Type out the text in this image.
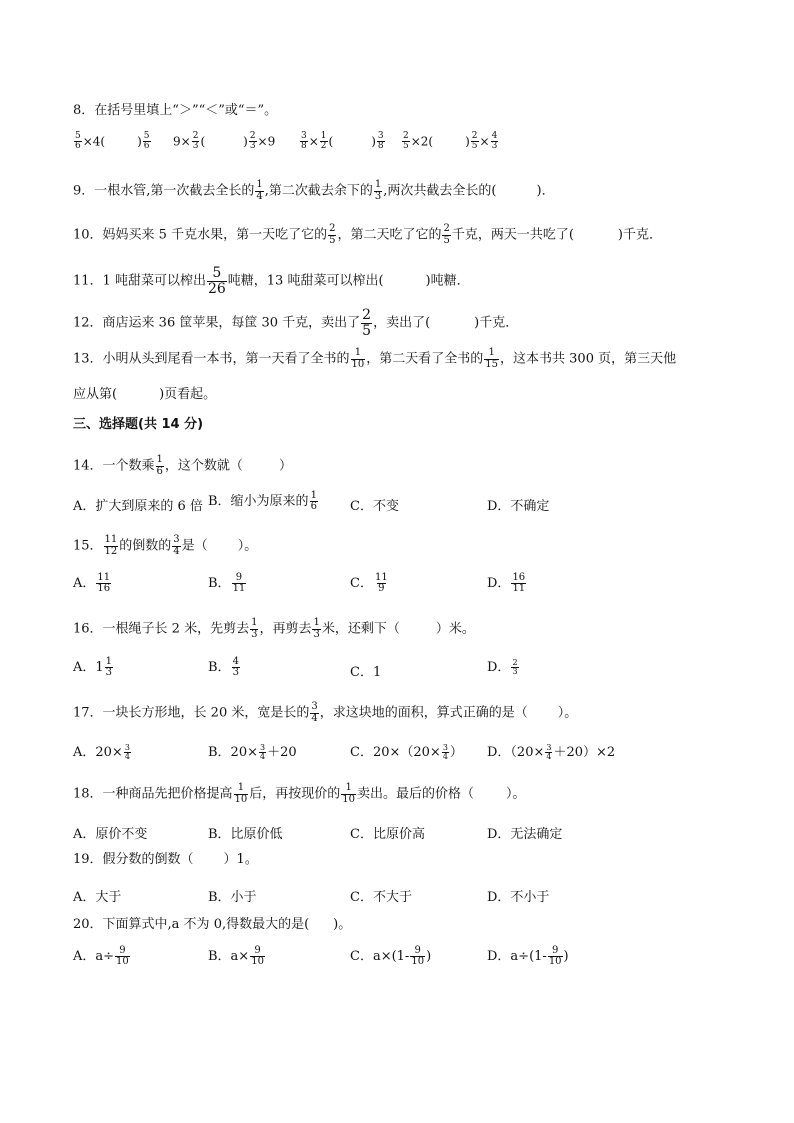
8．在括号里填上“＞”“＜”或“＝”。
$\frac{5}{6} \times 4$(	) $\frac{5}{6} 9\times \frac{2}{3}$ (	) $\frac{2}{3} \times 9$	$\frac{3}{8} \times \frac{1}{2}$ (	) $\frac{3}{8} \frac{2}{5} \times 2$(	) $\frac{2}{5} \times \frac{4}{3}$
9．一根水管,第一次截去全长的 $\frac{1}{4}$ ,第二次截去余下的 $\frac{1}{3}$ ,两次共截去全长的(	)．
10．妈妈买来 5 千克水果，第一天吃了它的 $\frac{2}{5}$ ，第二天吃了它的 $\frac{2}{5}$ 千克，两天一共吃了(	)千克．
11．1 吨甜菜可以榨出 $\frac{5}{26}$ 吨糖，13 吨甜菜可以榨出(	)吨糖．
12．商店运来 36 筐苹果，每筐 30 千克，卖出了 $\frac{2}{5}$ ，卖出了(	)千克．
13．小明从头到尾看一本书，第一天看了全书的 $\frac{1}{10}$ ，第二天看了全书的 $\frac{1}{15}$ ，这本书共 300 页，第三天他
应从第(	)页看起。
三、选择题(共 14 分)
14．一个数乘 $\frac{1}{6}$ ，这个数就（	）
A．扩大到原来的 6 倍 B．缩小为原来的 $\frac{1}{6}$ C．不变	D．不确定
15． $\frac{11}{12}$ 的倒数的 $\frac{3}{4}$ 是（ ）。
A． $\frac{11}{16}$	B． $\frac{9}{11}$	C． $\frac{11}{9}$	D． $\frac{16}{11}$
16．一根绳子长 2 米，先剪去 $\frac{1}{3}$ ，再剪去 $\frac{1}{3}$ 米，还剩下（	）米。
A．$1 \frac{1}{3}$	B． $\frac{4}{3}$	C．1	D． $\frac{2}{3}$
17．一块长方形地，长 20 米，宽是长的 $\frac{3}{4}$ ，求这块地的面积，算式正确的是（ ）。
A．$20\times \frac{3}{4}$	B．$20\times \frac{3}{4} +20$	C．$20\times(20\times \frac{3}{4}$ ） D．$(20\times \frac{3}{4} +20)\times 2$
18．一种商品先把价格提高 $\frac{1}{10}$ 后，再按现价的 $\frac{1}{10}$ 卖出。最后的价格（ ）。
A．原价不变	B．比原价低	C．比原价高	D．无法确定
19．假分数的倒数（ ）1。
A．大于	B．小于	C．不大于	D．不小于
20．下面算式中,a 不为 0,得数最大的是( )。
A．$a\div \frac{9}{10}$	B．$a\times \frac{9}{10}$	C．$a\times(1- \frac{9}{10}$ )	D．$a\div(1- \frac{9}{10}$ )
